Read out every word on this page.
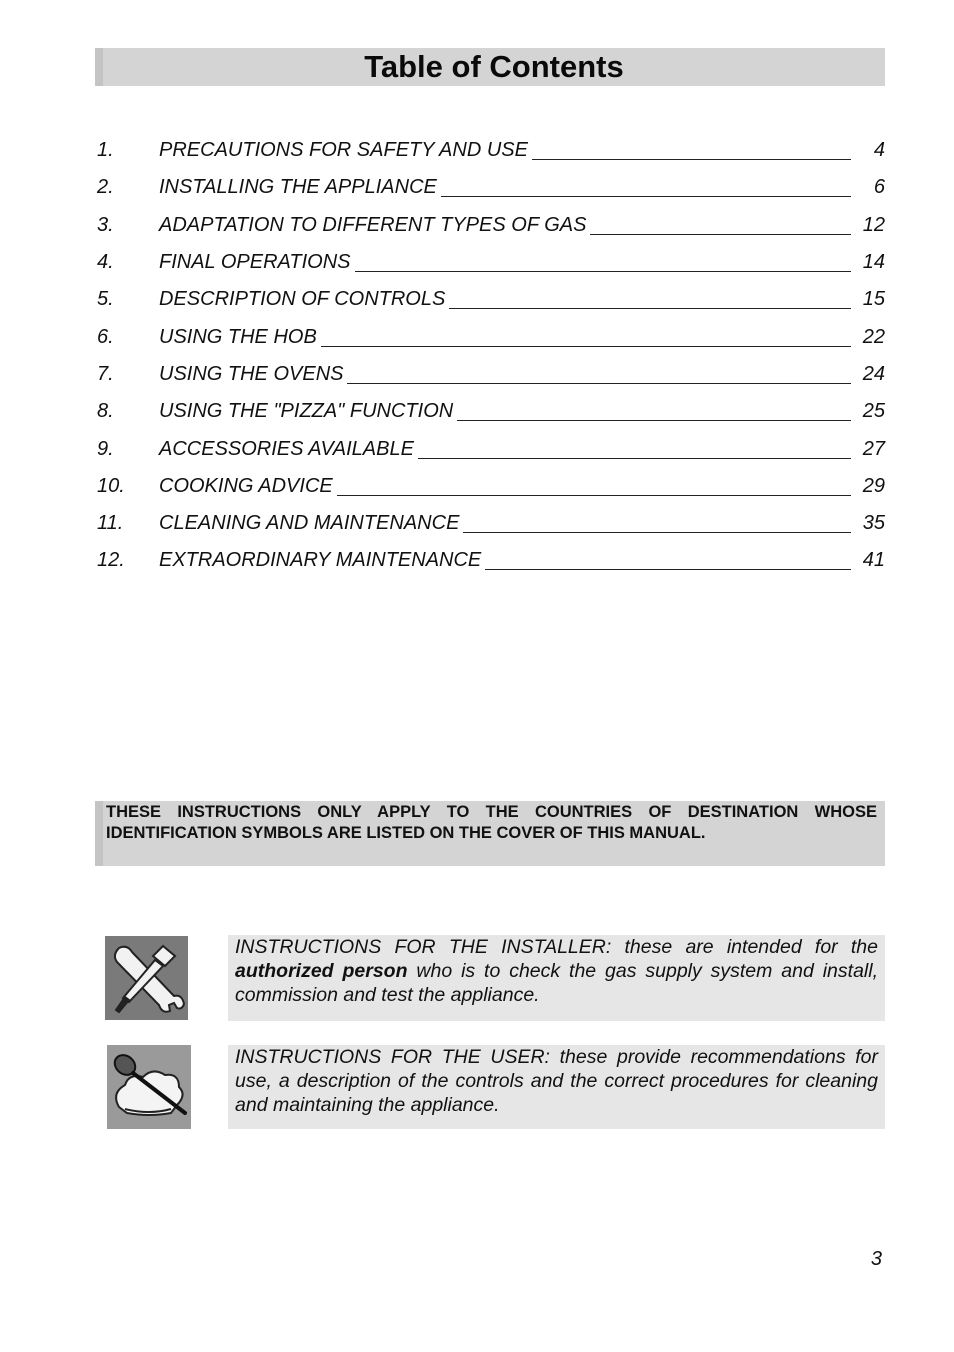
Table of Contents
1.	PRECAUTIONS FOR SAFETY AND USE	4
2.	INSTALLING THE APPLIANCE	6
3.	ADAPTATION TO DIFFERENT TYPES OF GAS	12
4.	FINAL OPERATIONS	14
5.	DESCRIPTION OF CONTROLS	15
6.	USING THE HOB	22
7.	USING THE OVENS	24
8.	USING THE "PIZZA" FUNCTION	25
9.	ACCESSORIES AVAILABLE	27
10.	COOKING ADVICE	29
11.	CLEANING AND MAINTENANCE	35
12.	EXTRAORDINARY MAINTENANCE	41

THESE INSTRUCTIONS ONLY APPLY TO THE COUNTRIES OF DESTINATION WHOSE IDENTIFICATION SYMBOLS ARE LISTED ON THE COVER OF THIS MANUAL.

INSTRUCTIONS FOR THE INSTALLER: these are intended for the authorized person who is to check the gas supply system and install, commission and test the appliance.

INSTRUCTIONS FOR THE USER: these provide recommendations for use, a description of the controls and the correct procedures for cleaning and maintaining the appliance.

3
